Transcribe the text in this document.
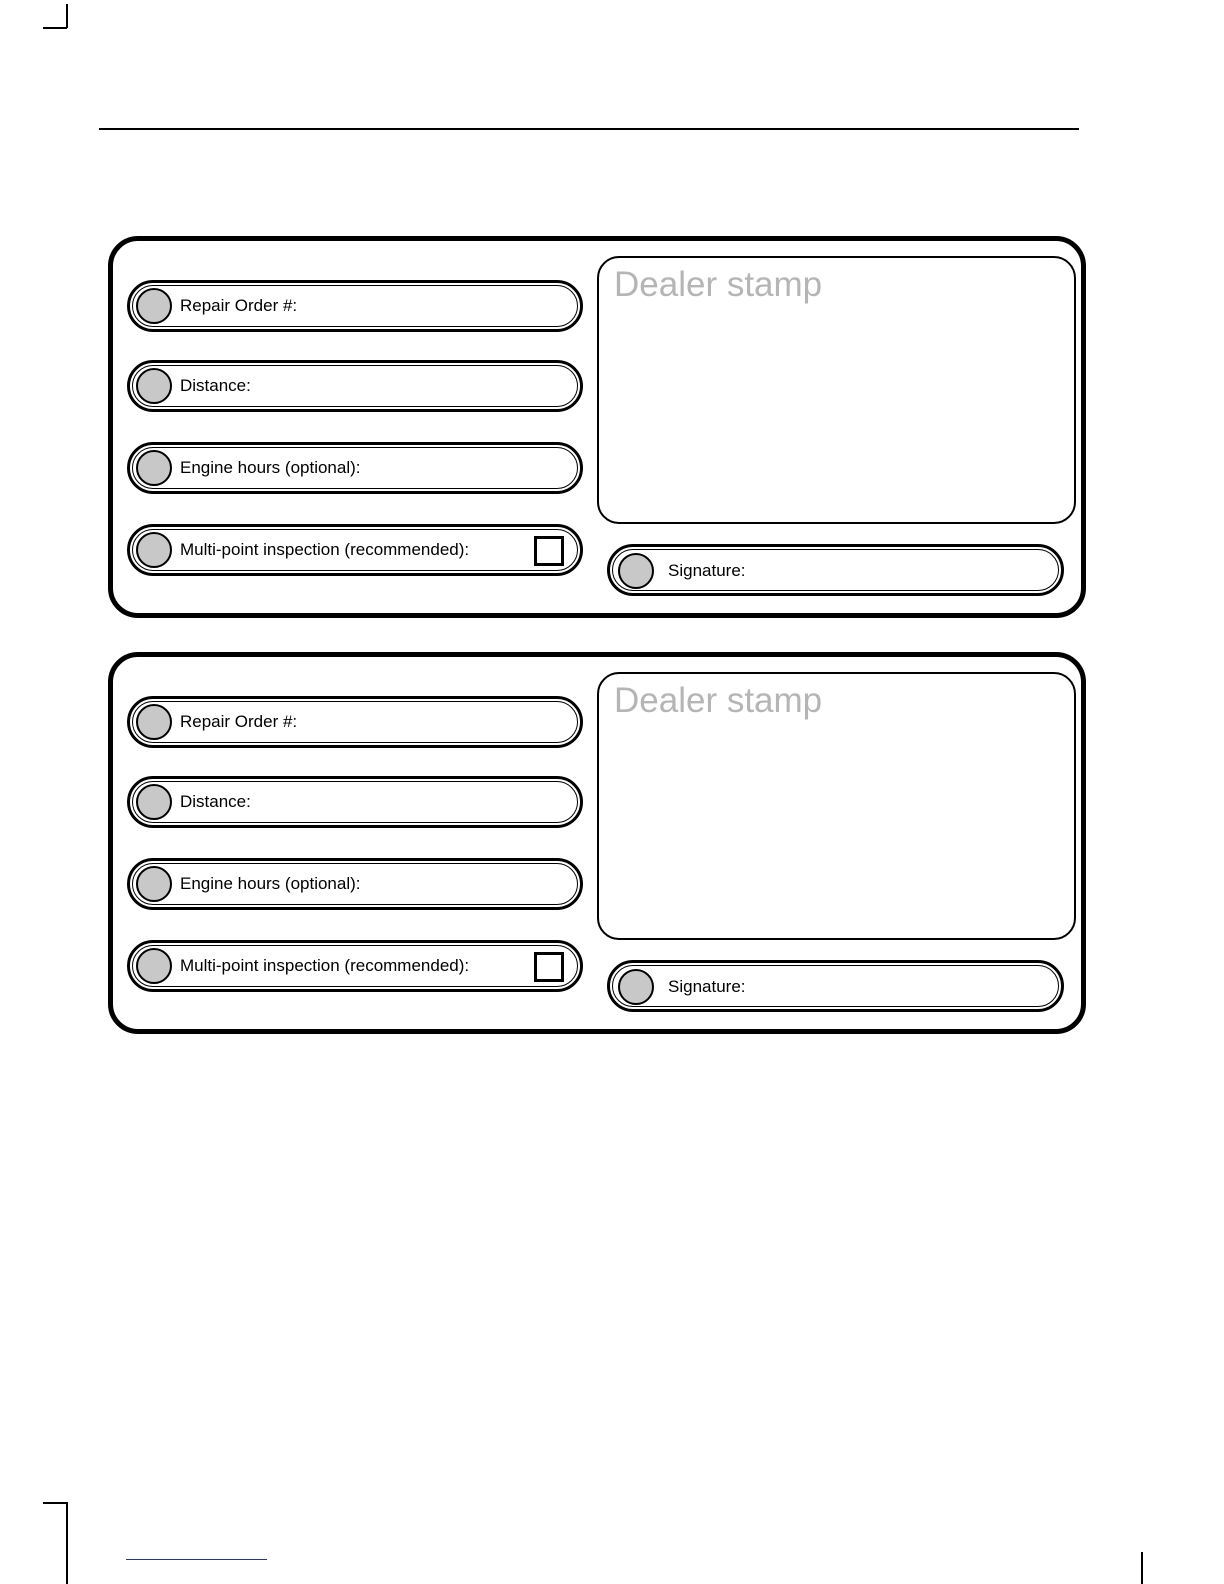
Repair Order #:
Distance:
Engine hours (optional):
Multi-point inspection (recommended):
Dealer stamp
Signature:
Repair Order #:
Distance:
Engine hours (optional):
Multi-point inspection (recommended):
Dealer stamp
Signature:
